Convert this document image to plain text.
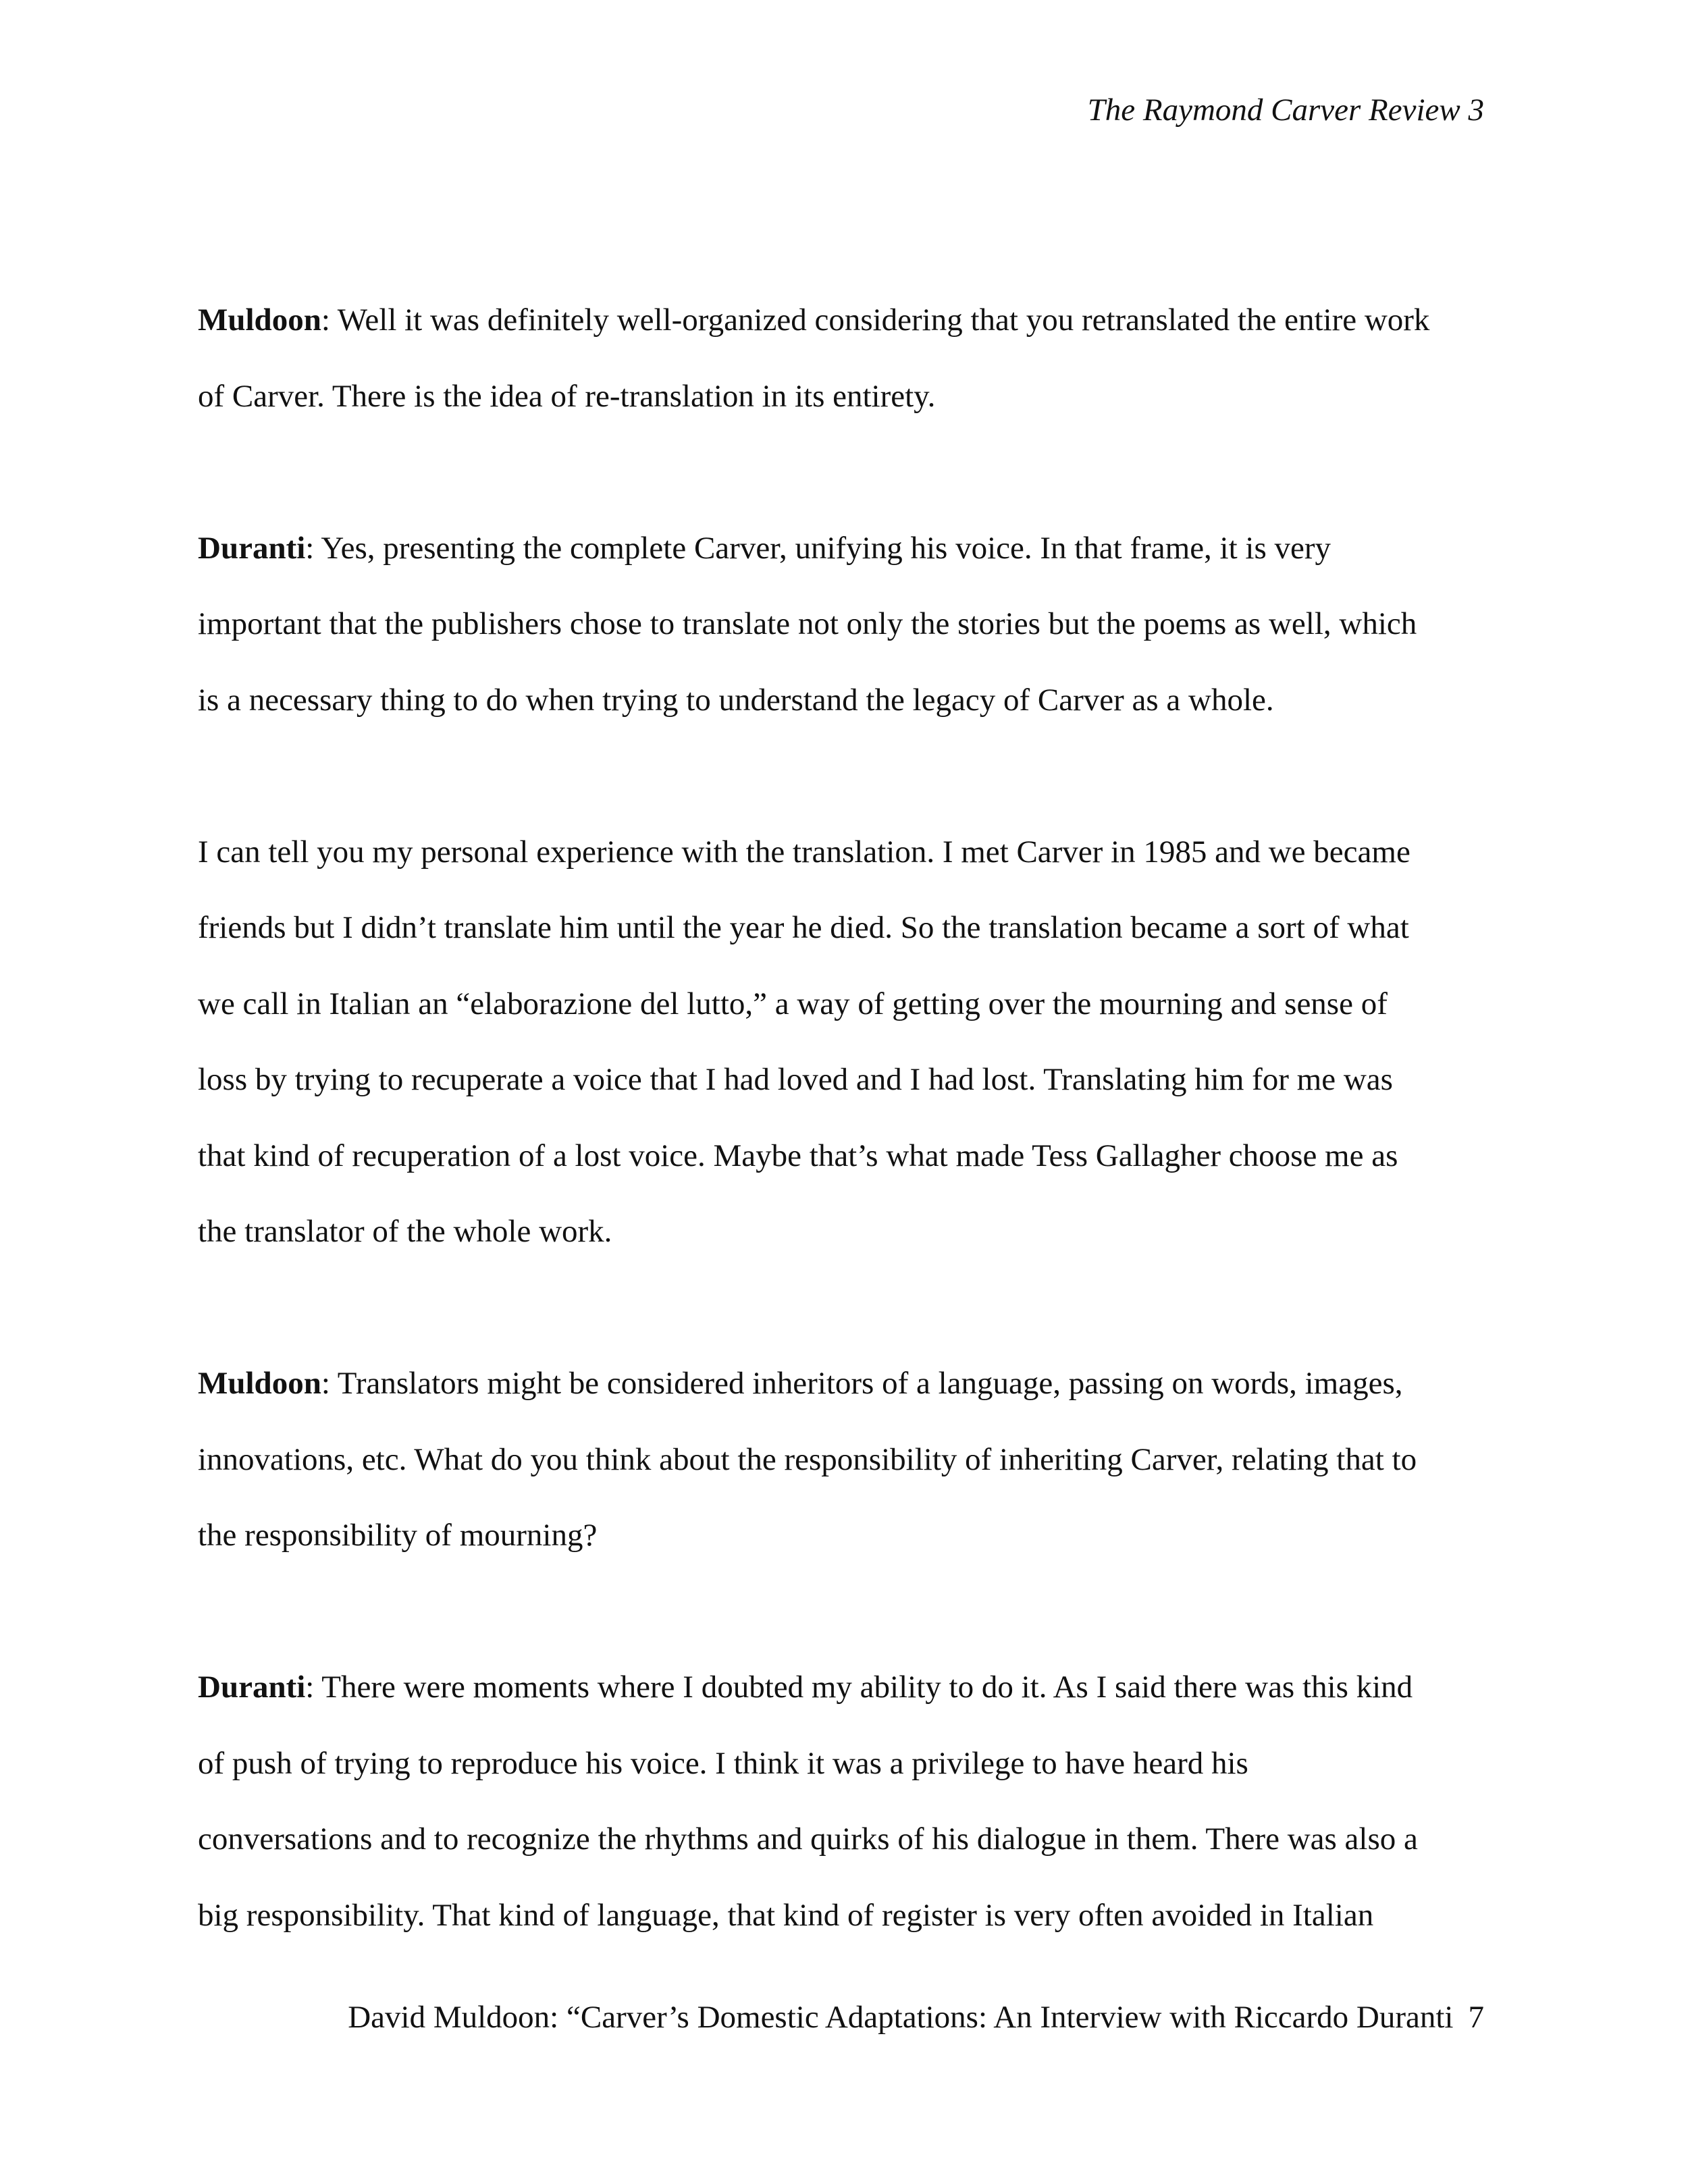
The Raymond Carver Review 3

Muldoon: Well it was definitely well-organized considering that you retranslated the entire work
of Carver. There is the idea of re-translation in its entirety.

Duranti: Yes, presenting the complete Carver, unifying his voice. In that frame, it is very
important that the publishers chose to translate not only the stories but the poems as well, which
is a necessary thing to do when trying to understand the legacy of Carver as a whole.

I can tell you my personal experience with the translation. I met Carver in 1985 and we became
friends but I didn’t translate him until the year he died. So the translation became a sort of what
we call in Italian an “elaborazione del lutto,” a way of getting over the mourning and sense of
loss by trying to recuperate a voice that I had loved and I had lost. Translating him for me was
that kind of recuperation of a lost voice. Maybe that’s what made Tess Gallagher choose me as
the translator of the whole work.

Muldoon: Translators might be considered inheritors of a language, passing on words, images,
innovations, etc. What do you think about the responsibility of inheriting Carver, relating that to
the responsibility of mourning?

Duranti: There were moments where I doubted my ability to do it. As I said there was this kind
of push of trying to reproduce his voice. I think it was a privilege to have heard his
conversations and to recognize the rhythms and quirks of his dialogue in them. There was also a
big responsibility. That kind of language, that kind of register is very often avoided in Italian

David Muldoon: “Carver’s Domestic Adaptations: An Interview with Riccardo Duranti 7
